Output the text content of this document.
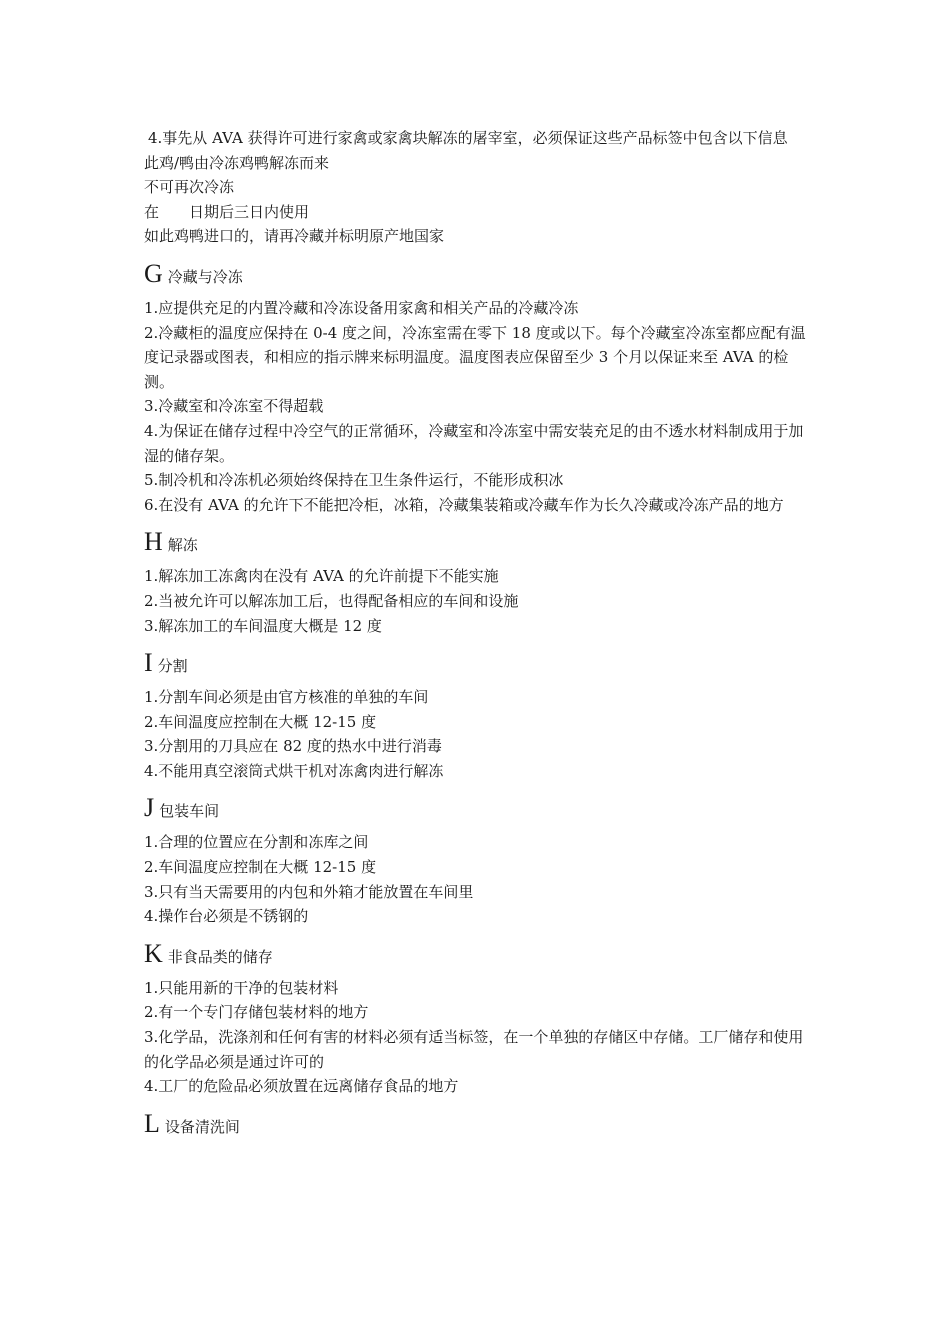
4.事先从 AVA 获得许可进行家禽或家禽块解冻的屠宰室，必须保证这些产品标签中包含以下信息

此鸡/鸭由冷冻鸡鸭解冻而来

不可再次冷冻

在 日期后三日内使用

如此鸡鸭进口的，请再冷藏并标明原产地国家

G冷藏与冷冻

1.应提供充足的内置冷藏和冷冻设备用家禽和相关产品的冷藏冷冻

2.冷藏柜的温度应保持在 0-4 度之间，冷冻室需在零下 18 度或以下。每个冷藏室冷冻室都应配有温度记录器或图表，和相应的指示牌来标明温度。温度图表应保留至少 3 个月以保证来至 AVA 的检测。

3.冷藏室和冷冻室不得超载

4.为保证在储存过程中冷空气的正常循环，冷藏室和冷冻室中需安装充足的由不透水材料制成用于加湿的储存架。

5.制冷机和冷冻机必须始终保持在卫生条件运行，不能形成积冰

6.在没有 AVA 的允许下不能把冷柜，冰箱，冷藏集装箱或冷藏车作为长久冷藏或冷冻产品的地方

H解冻

1.解冻加工冻禽肉在没有 AVA 的允许前提下不能实施

2.当被允许可以解冻加工后，也得配备相应的车间和设施

3.解冻加工的车间温度大概是 12 度

I分割

1.分割车间必须是由官方核准的单独的车间

2.车间温度应控制在大概 12-15 度

3.分割用的刀具应在 82 度的热水中进行消毒

4.不能用真空滚筒式烘干机对冻禽肉进行解冻

J包装车间

1.合理的位置应在分割和冻库之间

2.车间温度应控制在大概 12-15 度

3.只有当天需要用的内包和外箱才能放置在车间里

4.操作台必须是不锈钢的

K非食品类的储存

1.只能用新的干净的包装材料

2.有一个专门存储包装材料的地方

3.化学品，洗涤剂和任何有害的材料必须有适当标签，在一个单独的存储区中存储。工厂储存和使用的化学品必须是通过许可的

4.工厂的危险品必须放置在远离储存食品的地方

L设备清洗间
